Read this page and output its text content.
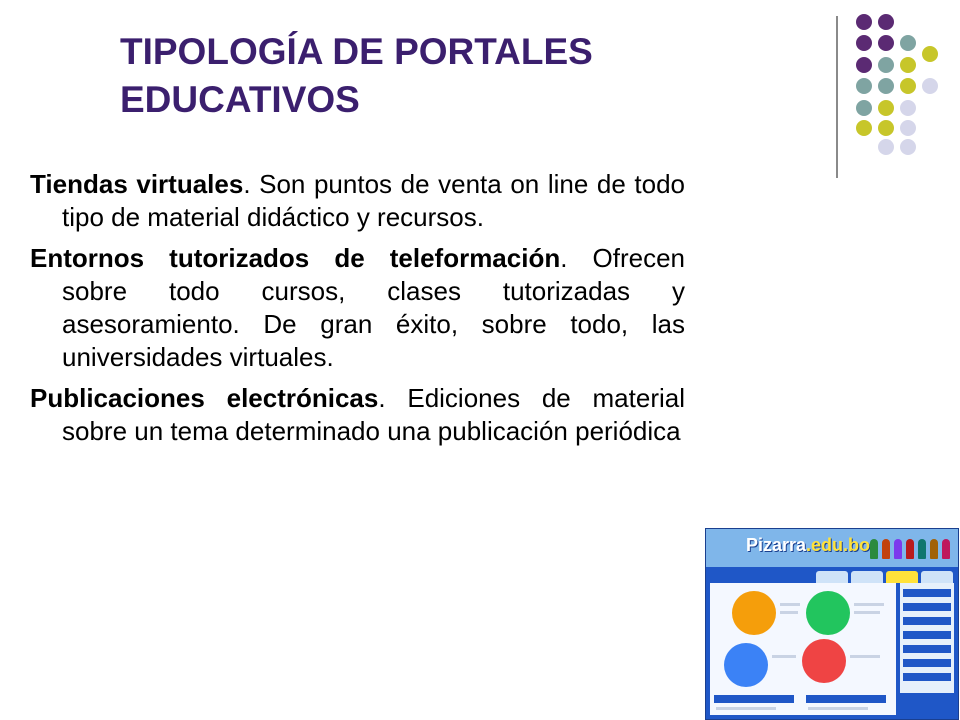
TIPOLOGÍA DE PORTALES EDUCATIVOS

Tiendas virtuales. Son puntos de venta on line de todo tipo de material didáctico y recursos.

Entornos tutorizados de teleformación. Ofrecen sobre todo cursos, clases tutorizadas y asesoramiento. De gran éxito, sobre todo, las universidades virtuales.

Publicaciones electrónicas. Ediciones de material sobre un tema determinado una publicación periódica

Pizarra.edu.bo
